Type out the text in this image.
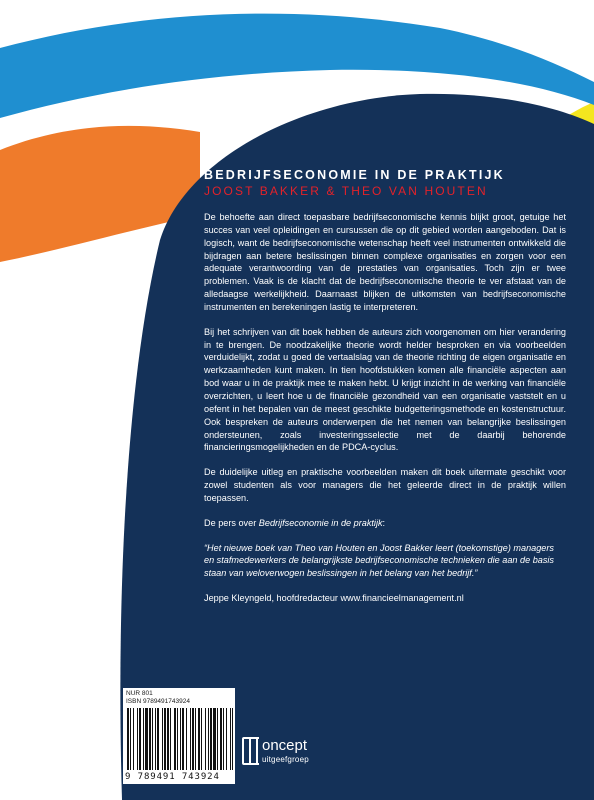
BEDRIJFSECONOMIE IN DE PRAKTIJK
JOOST BAKKER & THEO VAN HOUTEN

De behoefte aan direct toepasbare bedrijfseconomische kennis blijkt groot, getuige het succes van veel opleidingen en cursussen die op dit gebied worden aangeboden. Dat is logisch, want de bedrijfseconomische wetenschap heeft veel instrumenten ontwikkeld die bijdragen aan betere beslissingen binnen complexe organisaties en zorgen voor een adequate verantwoording van de prestaties van organisaties. Toch zijn er twee problemen. Vaak is de klacht dat de bedrijfseconomische theorie te ver afstaat van de alledaagse werkelijkheid. Daarnaast blijken de uitkomsten van bedrijfseconomische instrumenten en berekeningen lastig te interpreteren.

Bij het schrijven van dit boek hebben de auteurs zich voorgenomen om hier verandering in te brengen. De noodzakelijke theorie wordt helder besproken en via voorbeelden verduidelijkt, zodat u goed de vertaalslag van de theorie richting de eigen organisatie en werkzaamheden kunt maken. In tien hoofdstukken komen alle financiële aspecten aan bod waar u in de praktijk mee te maken hebt. U krijgt inzicht in de werking van financiële overzichten, u leert hoe u de financiële gezondheid van een organisatie vaststelt en u oefent in het bepalen van de meest geschikte budgetteringsmethode en kostenstructuur. Ook bespreken de auteurs onderwerpen die het nemen van belangrijke beslissingen ondersteunen, zoals investeringsselectie met de daarbij behorende financieringsmogelijkheden en de PDCA-cyclus.

De duidelijke uitleg en praktische voorbeelden maken dit boek uitermate geschikt voor zowel studenten als voor managers die het geleerde direct in de praktijk willen toepassen.

De pers over Bedrijfseconomie in de praktijk:

“Het nieuwe boek van Theo van Houten en Joost Bakker leert (toekomstige) managers en stafmedewerkers de belangrijkste bedrijfseconomische technieken die aan de basis staan van weloverwogen beslissingen in het belang van het bedrijf.”

Jeppe Kleyngeld, hoofdredacteur www.financieelmanagement.nl

NUR 801
ISBN 9789491743924
9 789491 743924
oncept
uitgeefgroep
